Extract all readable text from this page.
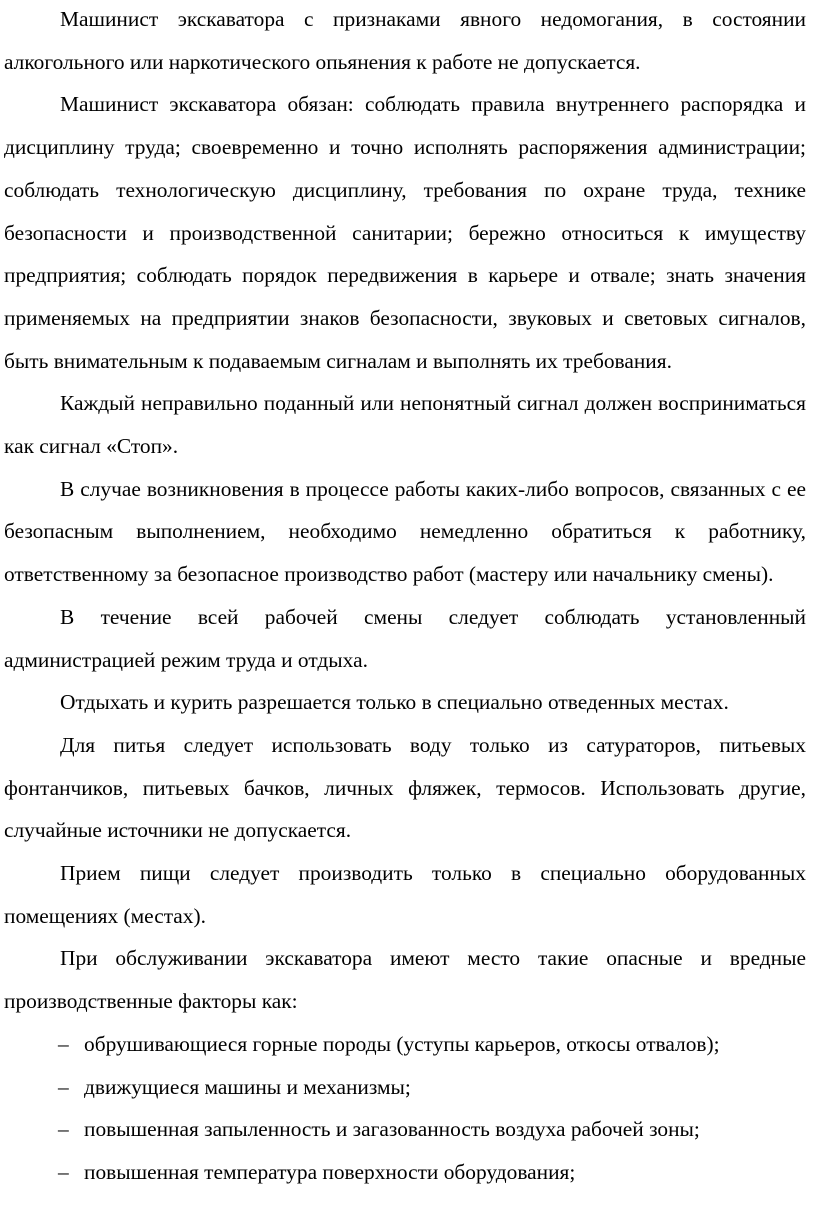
Машинист экскаватора с признаками явного недомогания, в состоянии алкогольного или наркотического опьянения к работе не допускается.

Машинист экскаватора обязан: соблюдать правила внутреннего распорядка и дисциплину труда; своевременно и точно исполнять распоряжения администрации; соблюдать технологическую дисциплину, требования по охране труда, технике безопасности и производственной санитарии; бережно относиться к имуществу предприятия; соблюдать порядок передвижения в карьере и отвале; знать значения применяемых на предприятии знаков безопасности, звуковых и световых сигналов, быть внимательным к подаваемым сигналам и выполнять их требования.

Каждый неправильно поданный или непонятный сигнал должен восприниматься как сигнал «Стоп».

В случае возникновения в процессе работы каких-либо вопросов, связанных с ее безопасным выполнением, необходимо немедленно обратиться к работнику, ответственному за безопасное производство работ (мастеру или начальнику смены).

В течение всей рабочей смены следует соблюдать установленный администрацией режим труда и отдыха.

Отдыхать и курить разрешается только в специально отведенных местах.

Для питья следует использовать воду только из сатураторов, питьевых фонтанчиков, питьевых бачков, личных фляжек, термосов. Использовать другие, случайные источники не допускается.

Прием пищи следует производить только в специально оборудованных помещениях (местах).

При обслуживании экскаватора имеют место такие опасные и вредные производственные факторы как:

– обрушивающиеся горные породы (уступы карьеров, откосы отвалов);
– движущиеся машины и механизмы;
– повышенная запыленность и загазованность воздуха рабочей зоны;
– повышенная температура поверхности оборудования;
